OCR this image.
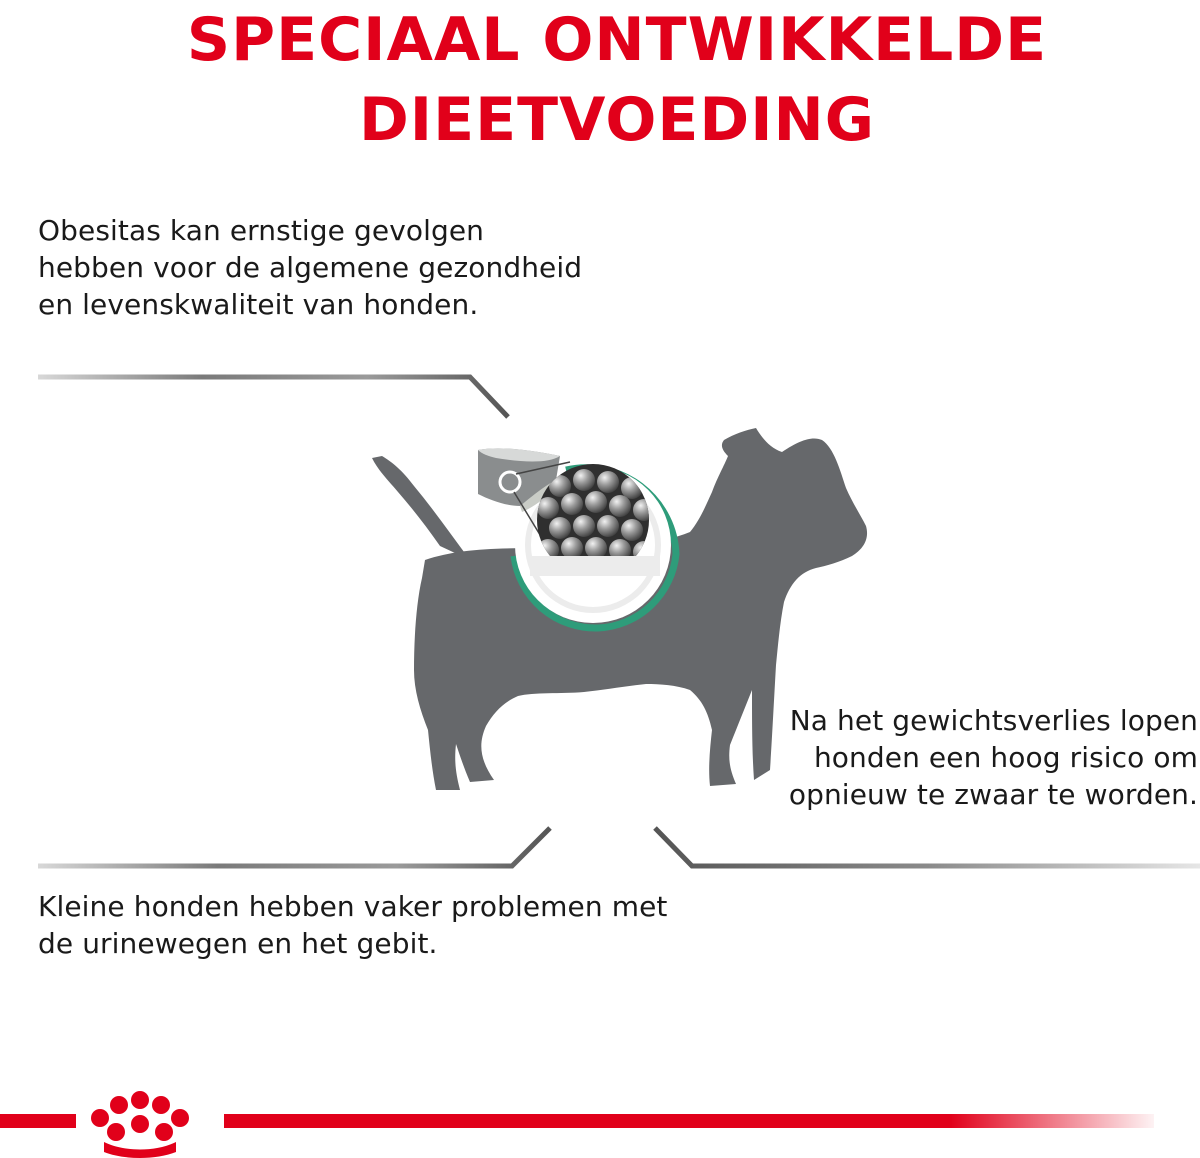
SPECIAAL ONTWIKKELDE
DIEETVOEDING

Obesitas kan ernstige gevolgen hebben voor de algemene gezondheid en levenskwaliteit van honden.

Na het gewichtsverlies lopen honden een hoog risico om opnieuw te zwaar te worden.

Kleine honden hebben vaker problemen met de urinewegen en het gebit.
